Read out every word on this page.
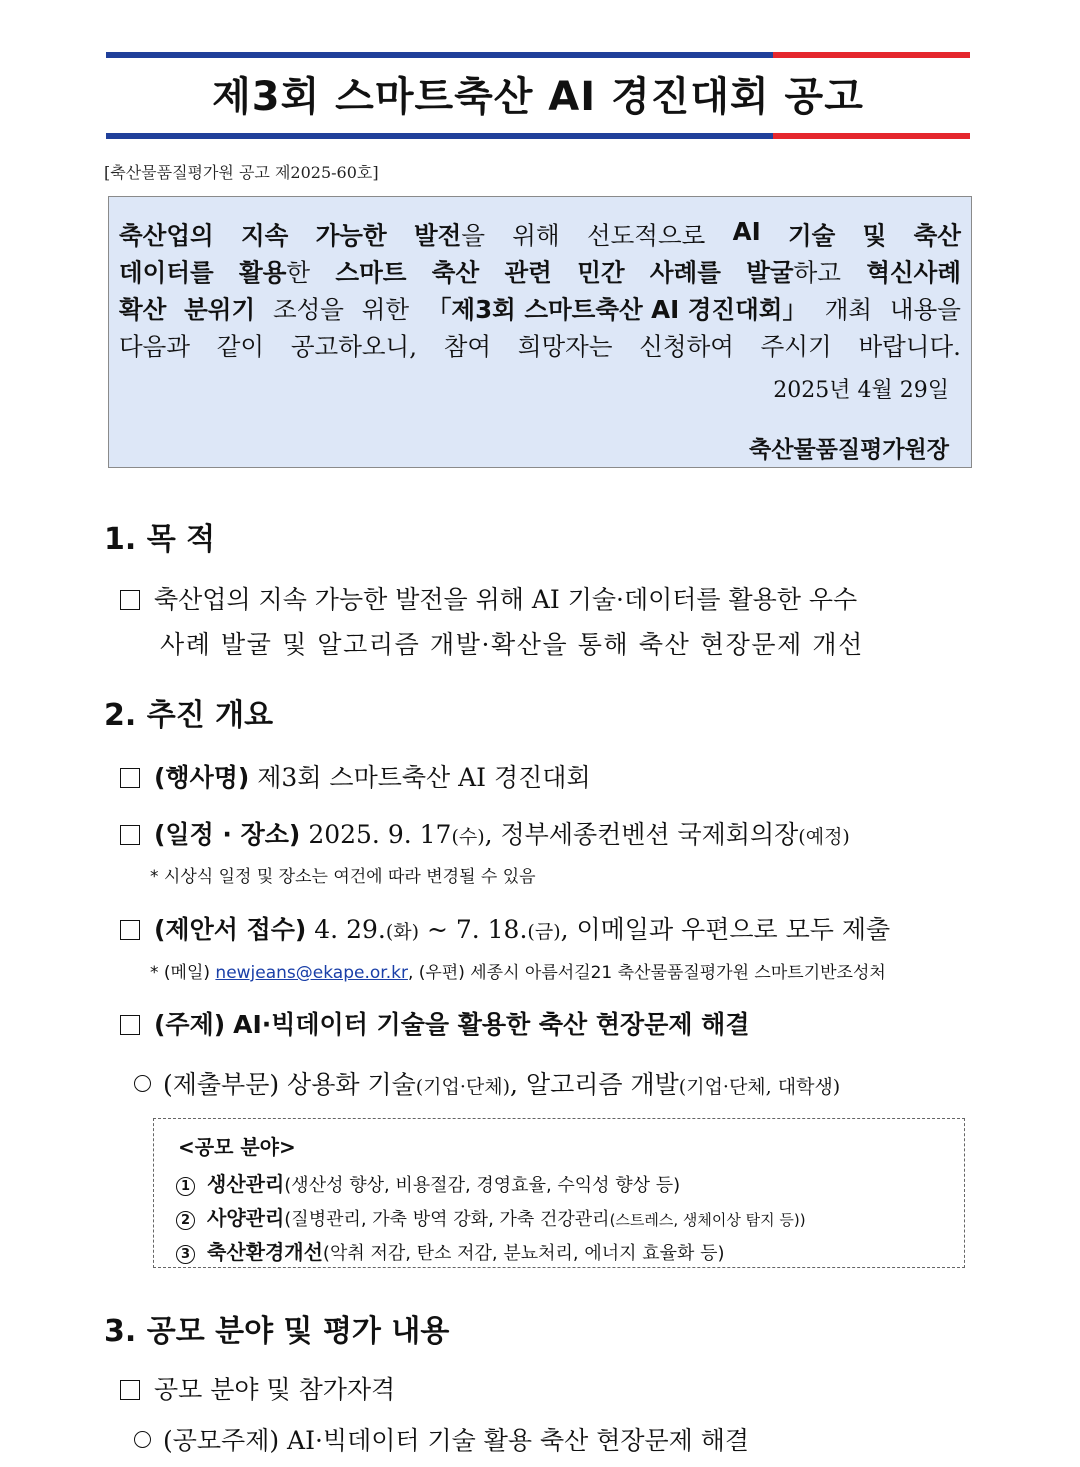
제3회 스마트축산 AI 경진대회 공고
[축산물품질평가원 공고 제2025-60호]
축산업의 지속 가능한 발전을 위해 선도적으로 AI 기술 및 축산
데이터를 활용한 스마트 축산 관련 민간 사례를 발굴하고 혁신사례
확산 분위기 조성을 위한 「제3회 스마트축산 AI 경진대회」 개최 내용을
다음과 같이 공고하오니, 참여 희망자는 신청하여 주시기 바랍니다.
2025년 4월 29일
축산물품질평가원장
1. 목 적
축산업의 지속 가능한 발전을 위해 AI 기술·데이터를 활용한 우수
사례 발굴 및 알고리즘 개발·확산을 통해 축산 현장문제 개선
2. 추진 개요
(행사명) 제3회 스마트축산 AI 경진대회
(일정 · 장소) 2025. 9. 17(수), 정부세종컨벤션 국제회의장(예정)
* 시상식 일정 및 장소는 여건에 따라 변경될 수 있음
(제안서 접수) 4. 29.(화) ~ 7. 18.(금), 이메일과 우편으로 모두 제출
* (메일) newjeans@ekape.or.kr, (우편) 세종시 아름서길21 축산물품질평가원 스마트기반조성처
(주제) AI·빅데이터 기술을 활용한 축산 현장문제 해결
(제출부문) 상용화 기술(기업·단체), 알고리즘 개발(기업·단체, 대학생)
<공모 분야>
1 생산관리(생산성 향상, 비용절감, 경영효율, 수익성 향상 등)
2 사양관리(질병관리, 가축 방역 강화, 가축 건강관리(스트레스, 생체이상 탐지 등))
3 축산환경개선(악취 저감, 탄소 저감, 분뇨처리, 에너지 효율화 등)
3. 공모 분야 및 평가 내용
공모 분야 및 참가자격
(공모주제) AI·빅데이터 기술 활용 축산 현장문제 해결
